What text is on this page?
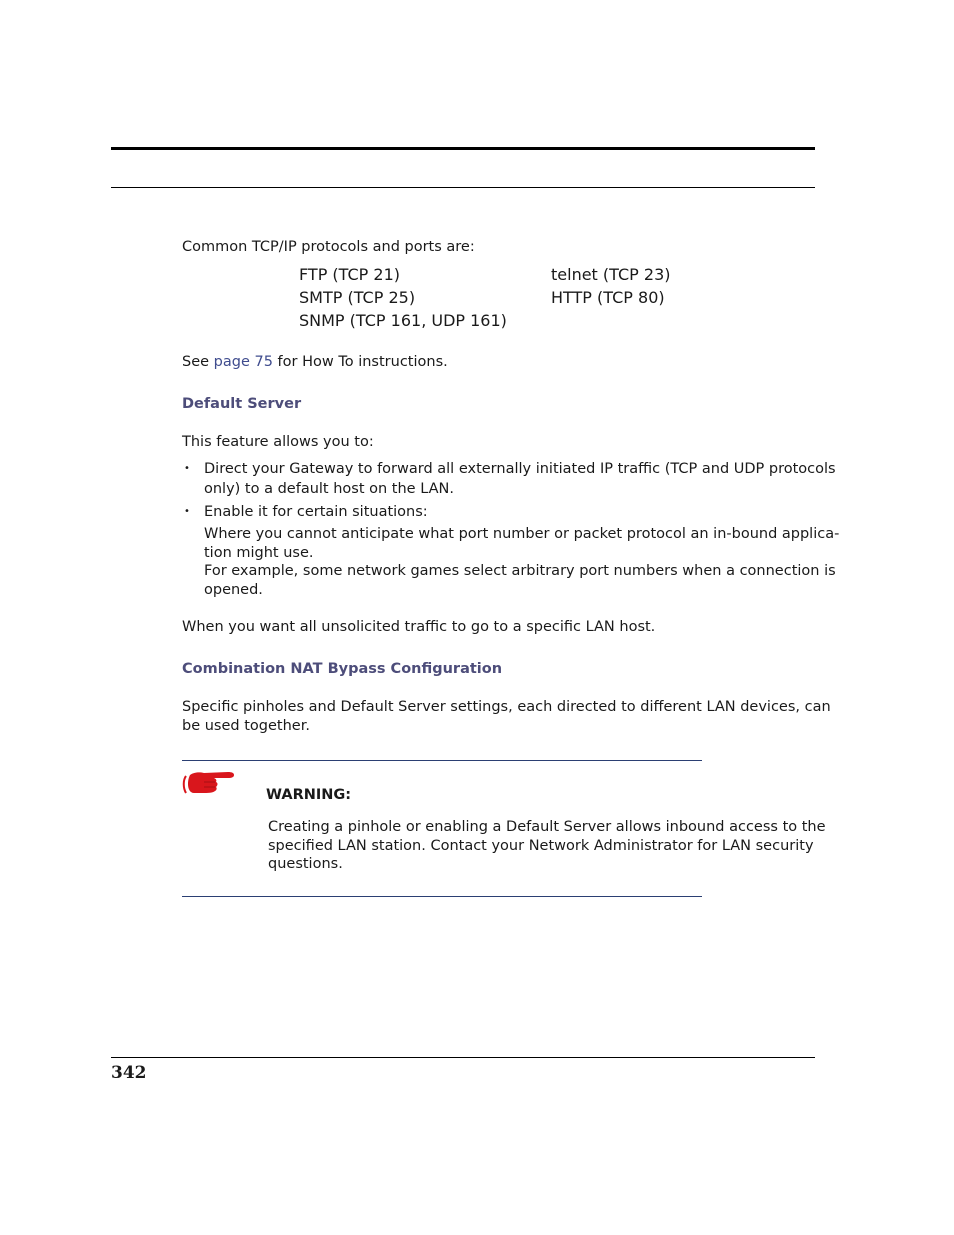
Common TCP/IP protocols and ports are:
FTP (TCP 21)
SMTP (TCP 25)
SNMP (TCP 161, UDP 161)
telnet (TCP 23)
HTTP (TCP 80)
See page 75 for How To instructions.
Default Server
This feature allows you to:
• Direct your Gateway to forward all externally initiated IP traffic (TCP and UDP protocols
only) to a default host on the LAN.
• Enable it for certain situations:
Where you cannot anticipate what port number or packet protocol an in-bound applica-
tion might use.
For example, some network games select arbitrary port numbers when a connection is
opened.
When you want all unsolicited traffic to go to a specific LAN host.
Combination NAT Bypass Configuration
Specific pinholes and Default Server settings, each directed to different LAN devices, can
be used together.
WARNING:
Creating a pinhole or enabling a Default Server allows inbound access to the
specified LAN station. Contact your Network Administrator for LAN security
questions.
342
